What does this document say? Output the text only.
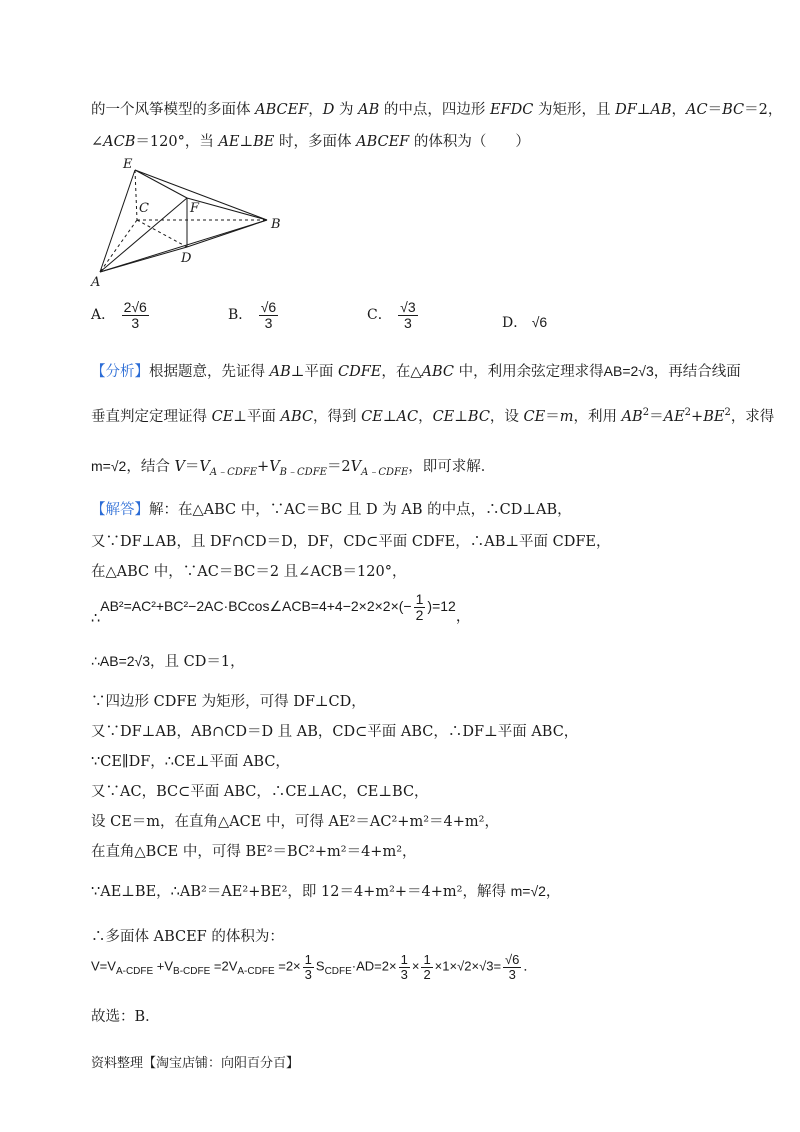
的一个风筝模型的多面体 ABCEF，D 为 AB 的中点，四边形 EFDC 为矩形，且 DF⊥AB，AC＝BC＝2，
∠ACB＝120°，当 AE⊥BE 时，多面体 ABCEF 的体积为（　　）
E
C	F
B
D
A
A． $\frac{2√6}{3}$	B． $\frac{√6}{3}$	C． $\frac{√3}{3}$	D． √6
【分析】根据题意，先证得 AB⊥平面 CDFE，在△ABC 中，利用余弦定理求得AB=2√3，再结合线面
垂直判定定理证得 CE⊥平面 ABC，得到 CE⊥AC，CE⊥BC，设 CE＝m，利用 $AB^2=AE^2+BE^2$，求得
m=√2，结合 $V=V_{A﹣CDFE}+V_{B﹣CDFE}=2V_{A﹣CDFE}$，即可求解．
【解答】解：在△ABC 中，∵AC＝BC 且 D 为 AB 的中点，∴CD⊥AB，
又∵DF⊥AB，且 DF∩CD＝D，DF，CD⊂平面 CDFE，∴AB⊥平面 CDFE，
在△ABC 中，∵AC＝BC＝2 且∠ACB＝120°，
∴AB²=AC²+BC²−2AC·BCcos∠ACB=4+4−2×2×2×(− $\frac{1}{2} )=12$，
∴AB=2√3，且 CD＝1，
∵四边形 CDFE 为矩形，可得 DF⊥CD，
又∵DF⊥AB，AB∩CD＝D 且 AB，CD⊂平面 ABC，∴DF⊥平面 ABC，
∵CE∥DF，∴CE⊥平面 ABC，
又∵AC，BC⊂平面 ABC，∴CE⊥AC，CE⊥BC，
设 CE＝m，在直角△ACE 中，可得 AE²＝AC²+m²＝4+m²，
在直角△BCE 中，可得 BE²＝BC²+m²＝4+m²，
∵AE⊥BE，∴AB²＝AE²+BE²，即 12＝4+m²+＝4+m²，解得 m=√2，
∴多面体 ABCEF 的体积为：
$V=V_{A-CDFE} +V_{B-CDFE} =2V_{A-CDFE} =2\times \frac{1}{3} S_{CDFE}\cdot AD=2\times \frac{1}{3} \times \frac{1}{2} \times 1\times√2\times√3= \frac{√6}{3}$ ．
故选：B．
资料整理【淘宝店铺：向阳百分百】
